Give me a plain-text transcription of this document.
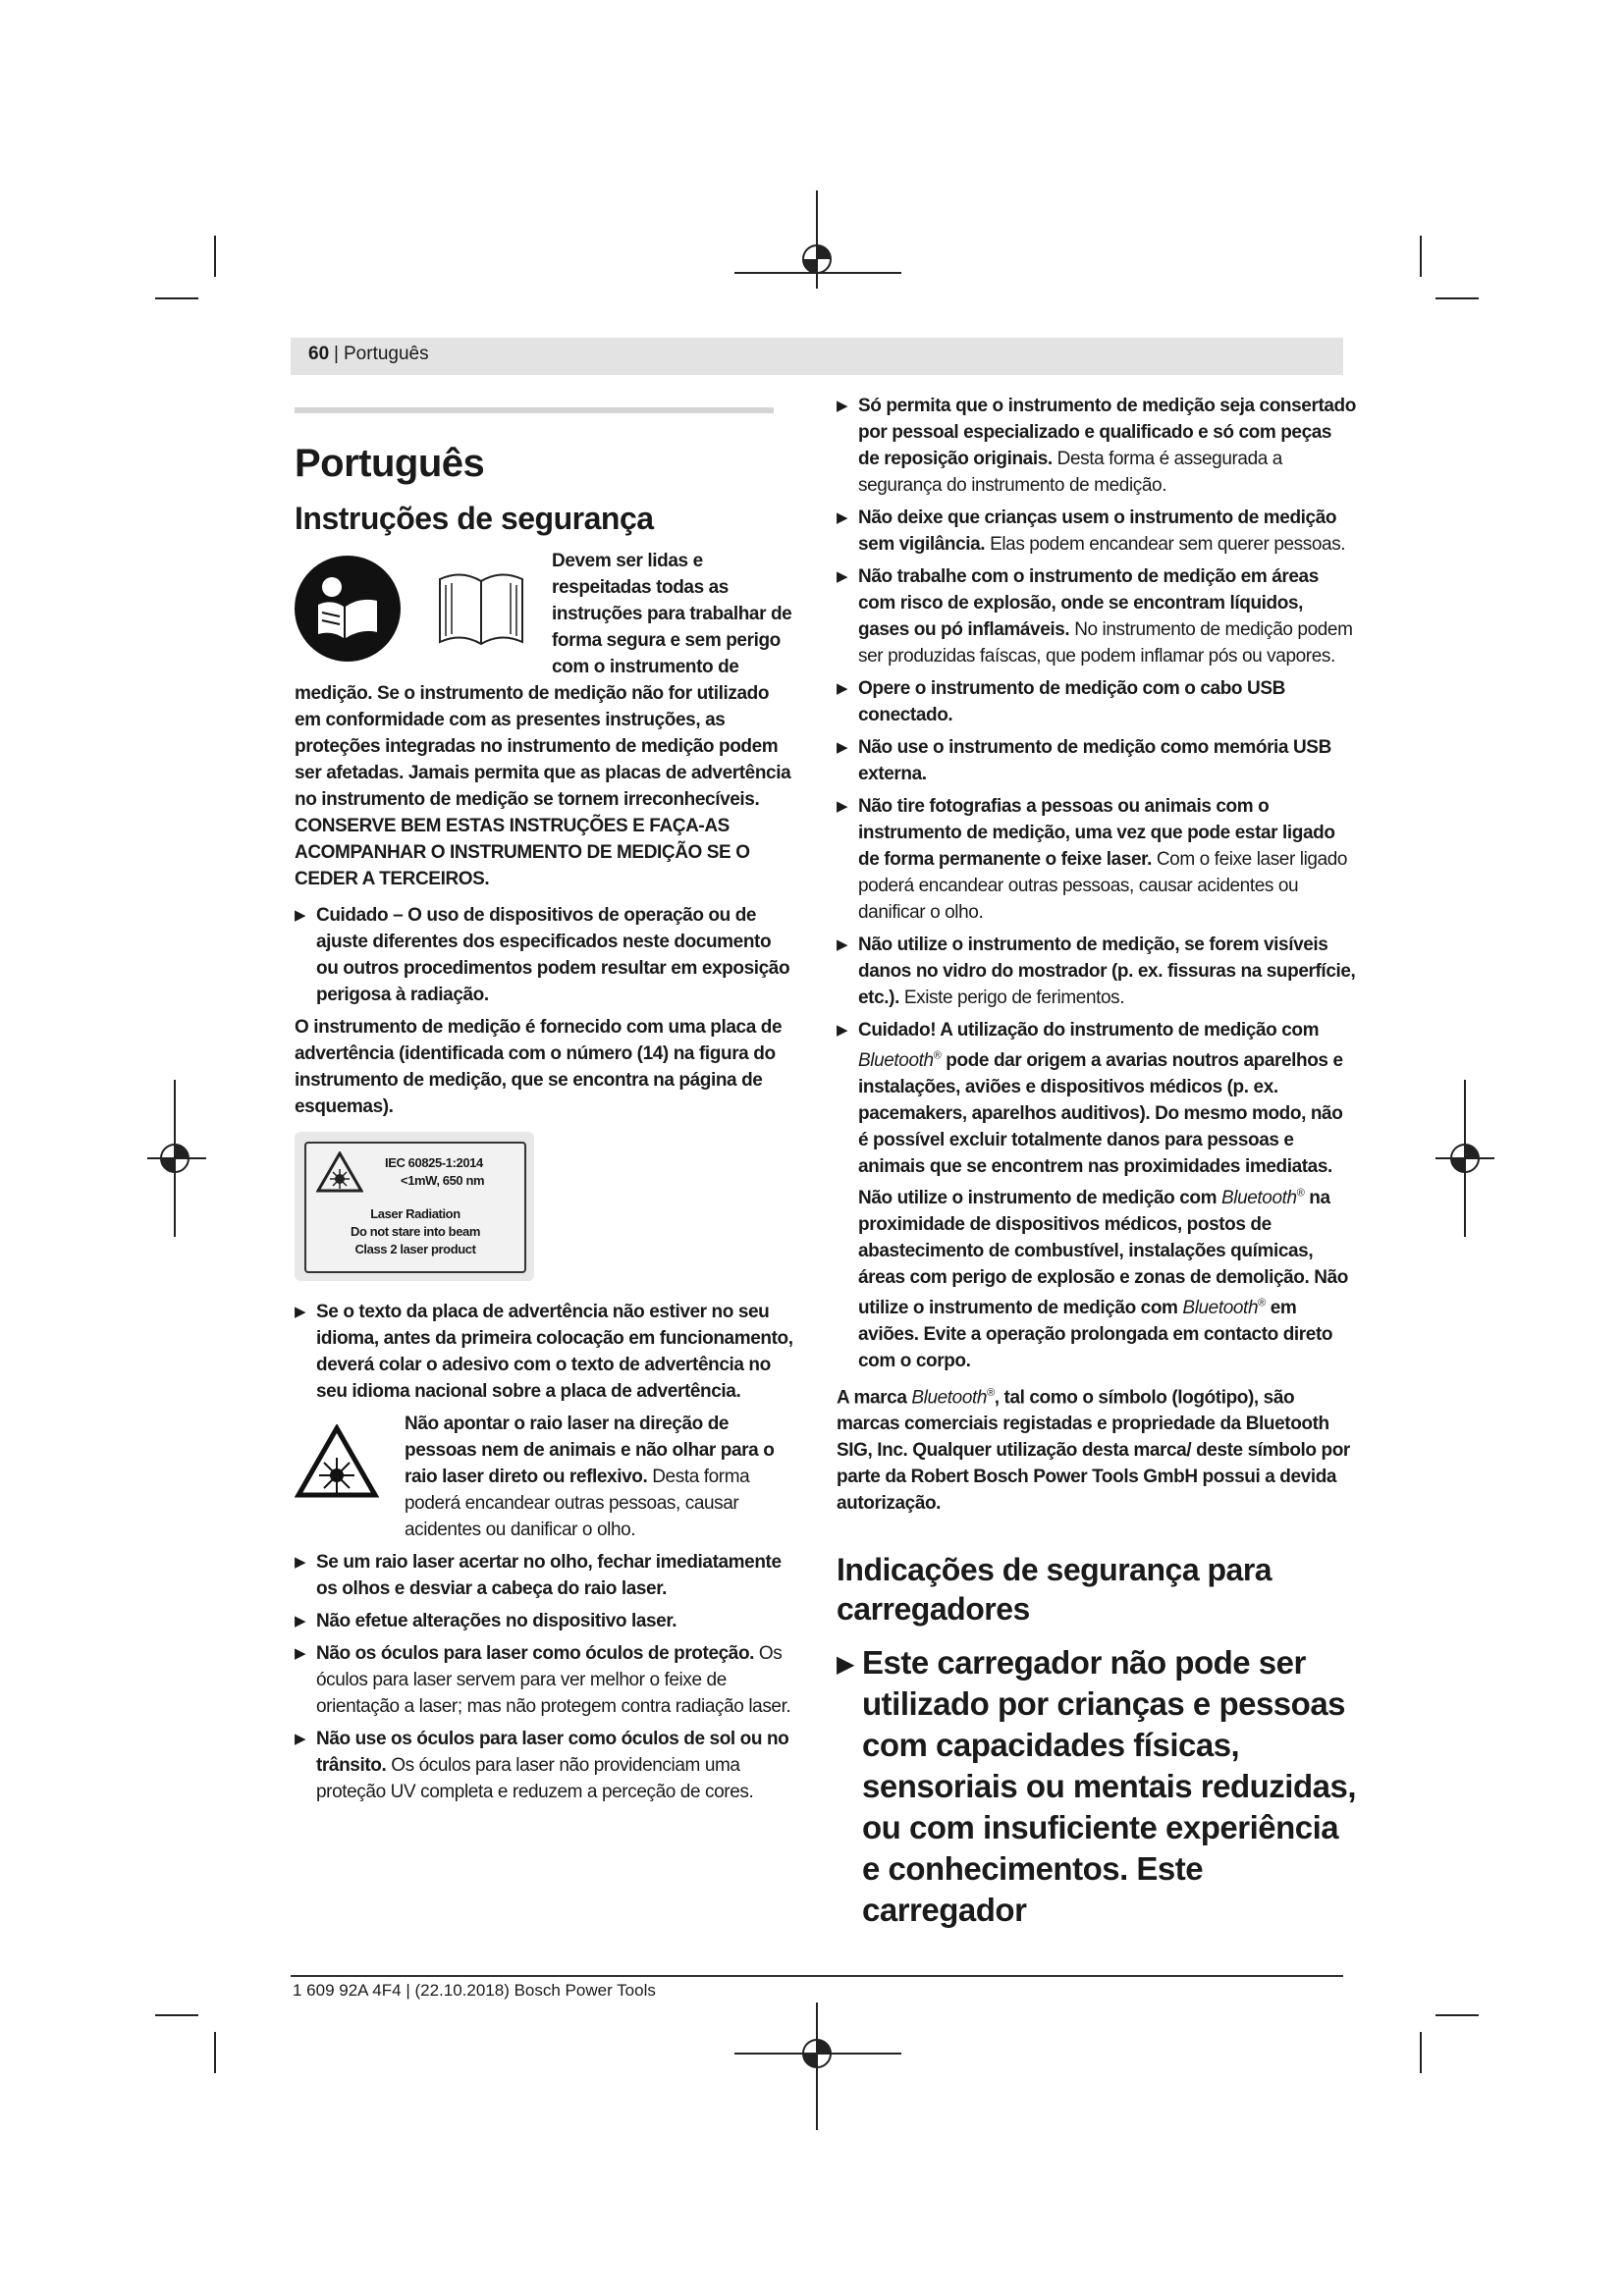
60 | Português
Português
Instruções de segurança

Devem ser lidas e respeitadas todas as instruções para trabalhar de forma segura e sem perigo com o instrumento de medição. Se o instrumento de medição não for utilizado em conformidade com as presentes instruções, as proteções integradas no instrumento de medição podem ser afetadas. Jamais permita que as placas de advertência no instrumento de medição se tornem irreconhecíveis. CONSERVE BEM ESTAS INSTRUÇÕES E FAÇA-AS ACOMPANHAR O INSTRUMENTO DE MEDIÇÃO SE O CEDER A TERCEIROS.

▶ Cuidado – O uso de dispositivos de operação ou de ajuste diferentes dos especificados neste documento ou outros procedimentos podem resultar em exposição perigosa à radiação.

O instrumento de medição é fornecido com uma placa de advertência (identificada com o número (14) na figura do instrumento de medição, que se encontra na página de esquemas).

IEC 60825-1:2014
<1mW, 650 nm
Laser Radiation
Do not stare into beam
Class 2 laser product
▶ Se o texto da placa de advertência não estiver no seu idioma, antes da primeira colocação em funcionamento, deverá colar o adesivo com o texto de advertência no seu idioma nacional sobre a placa de advertência.

Não apontar o raio laser na direção de pessoas nem de animais e não olhar para o raio laser direto ou reflexivo. Desta forma poderá encandear outras pessoas, causar acidentes ou danificar o olho.

▶ Se um raio laser acertar no olho, fechar imediatamente os olhos e desviar a cabeça do raio laser.
▶ Não efetue alterações no dispositivo laser.
▶ Não os óculos para laser como óculos de proteção. Os óculos para laser servem para ver melhor o feixe de orientação a laser; mas não protegem contra radiação laser.
▶ Não use os óculos para laser como óculos de sol ou no trânsito. Os óculos para laser não providenciam uma proteção UV completa e reduzem a perceção de cores.
▶ Só permita que o instrumento de medição seja consertado por pessoal especializado e qualificado e só com peças de reposição originais. Desta forma é assegurada a segurança do instrumento de medição.
▶ Não deixe que crianças usem o instrumento de medição sem vigilância. Elas podem encandear sem querer pessoas.
▶ Não trabalhe com o instrumento de medição em áreas com risco de explosão, onde se encontram líquidos, gases ou pó inflamáveis. No instrumento de medição podem ser produzidas faíscas, que podem inflamar pós ou vapores.
▶ Opere o instrumento de medição com o cabo USB conectado.
▶ Não use o instrumento de medição como memória USB externa.
▶ Não tire fotografias a pessoas ou animais com o instrumento de medição, uma vez que pode estar ligado de forma permanente o feixe laser. Com o feixe laser ligado poderá encandear outras pessoas, causar acidentes ou danificar o olho.
▶ Não utilize o instrumento de medição, se forem visíveis danos no vidro do mostrador (p. ex. fissuras na superfície, etc.). Existe perigo de ferimentos.
▶ Cuidado! A utilização do instrumento de medição com Bluetooth® pode dar origem a avarias noutros aparelhos e instalações, aviões e dispositivos médicos (p. ex. pacemakers, aparelhos auditivos). Do mesmo modo, não é possível excluir totalmente danos para pessoas e animais que se encontrem nas proximidades imediatas. Não utilize o instrumento de medição com Bluetooth® na proximidade de dispositivos médicos, postos de abastecimento de combustível, instalações químicas, áreas com perigo de explosão e zonas de demolição. Não utilize o instrumento de medição com Bluetooth® em aviões. Evite a operação prolongada em contacto direto com o corpo.

A marca Bluetooth®, tal como o símbolo (logótipo), são marcas comerciais registadas e propriedade da Bluetooth SIG, Inc. Qualquer utilização desta marca/ deste símbolo por parte da Robert Bosch Power Tools GmbH possui a devida autorização.

Indicações de segurança para carregadores
▶ Este carregador não pode ser utilizado por crianças e pessoas com capacidades físicas, sensoriais ou mentais reduzidas, ou com insuficiente experiência e conhecimentos. Este carregador
1 609 92A 4F4 | (22.10.2018) Bosch Power Tools
